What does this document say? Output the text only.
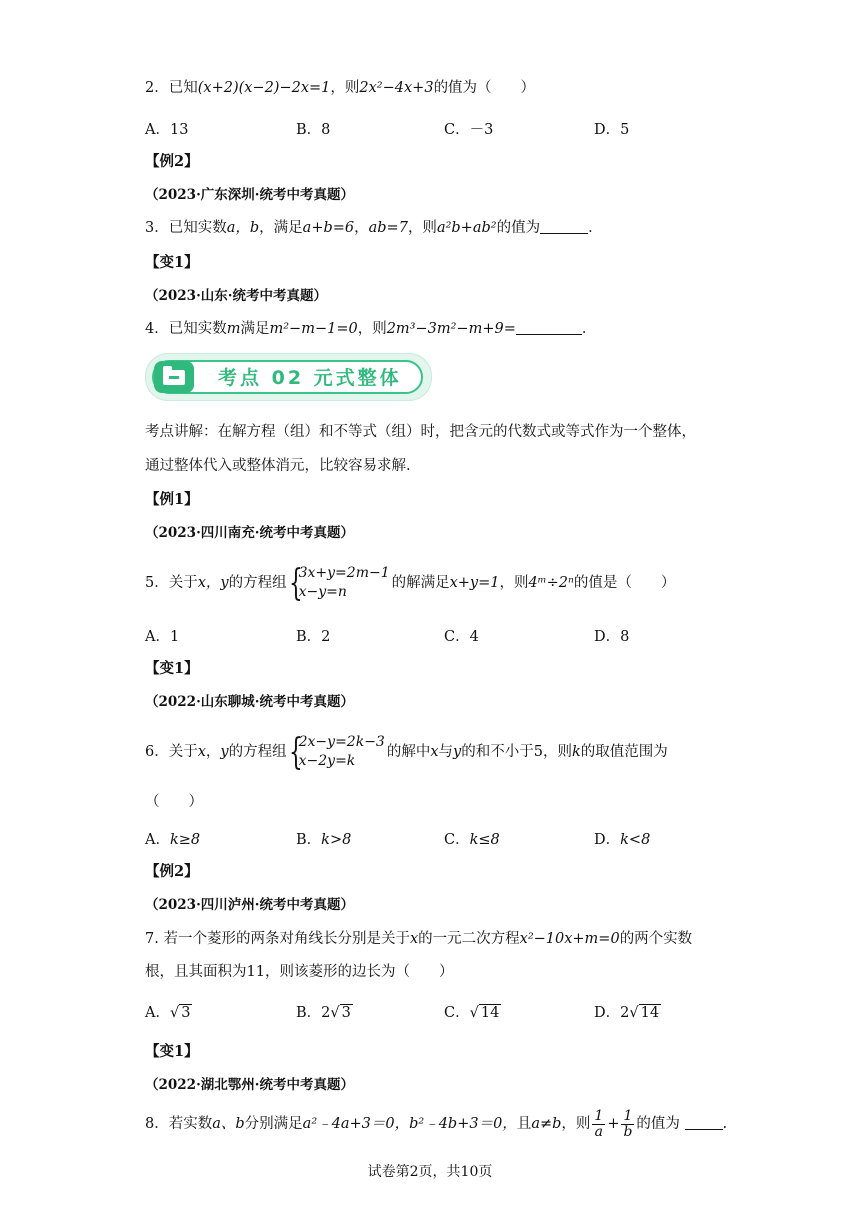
2．已知(x+2)(x−2)−2x=1，则2x²−4x+3的值为（　　）
A．13	B．8	C．－3	D．5
【例2】
（2023·广东深圳·统考中考真题）
3．已知实数a，b，满足a+b=6，ab=7，则a²b+ab²的值为	．
【变1】
（2023·山东·统考中考真题）
4．已知实数m满足m²−m−1=0，则2m³−3m²−m+9=	．
考点 02 元式整体
考点讲解：在解方程（组）和不等式（组）时，把含元的代数式或等式作为一个整体，
通过整体代入或整体消元，比较容易求解.
【例1】
（2023·四川南充·统考中考真题）
5．关于x，y的方程组 {
3x+y=2m−1
x−y=n
的解满足x+y=1，则4ᵐ÷2ⁿ的值是（　　）
A．1	B．2	C．4	D．8
【变1】
（2022·山东聊城·统考中考真题）
6．关于x，y的方程组 {
2x−y=2k−3
x−2y=k
的解中x与y的和不小于5，则k的取值范围为
（　　）
A．k≥8	B．k>8	C．k≤8	D．k<8
【例2】
（2023·四川泸州·统考中考真题）
7. 若一个菱形的两条对角线长分别是关于x的一元二次方程x²−10x+m=0的两个实数
根，且其面积为11，则该菱形的边长为（　　）
A．√ 3	B．2√ 3	C．√ 14	D．2√ 14
【变1】
（2022·湖北鄂州·统考中考真题）
8．若实数a、b分别满足a²﹣4a+3＝0，b²﹣4b+3＝0，且a≠b，则 $\frac{1}{a} + \frac{1}{b}$ 的值为	.
试卷第2页，共10页
